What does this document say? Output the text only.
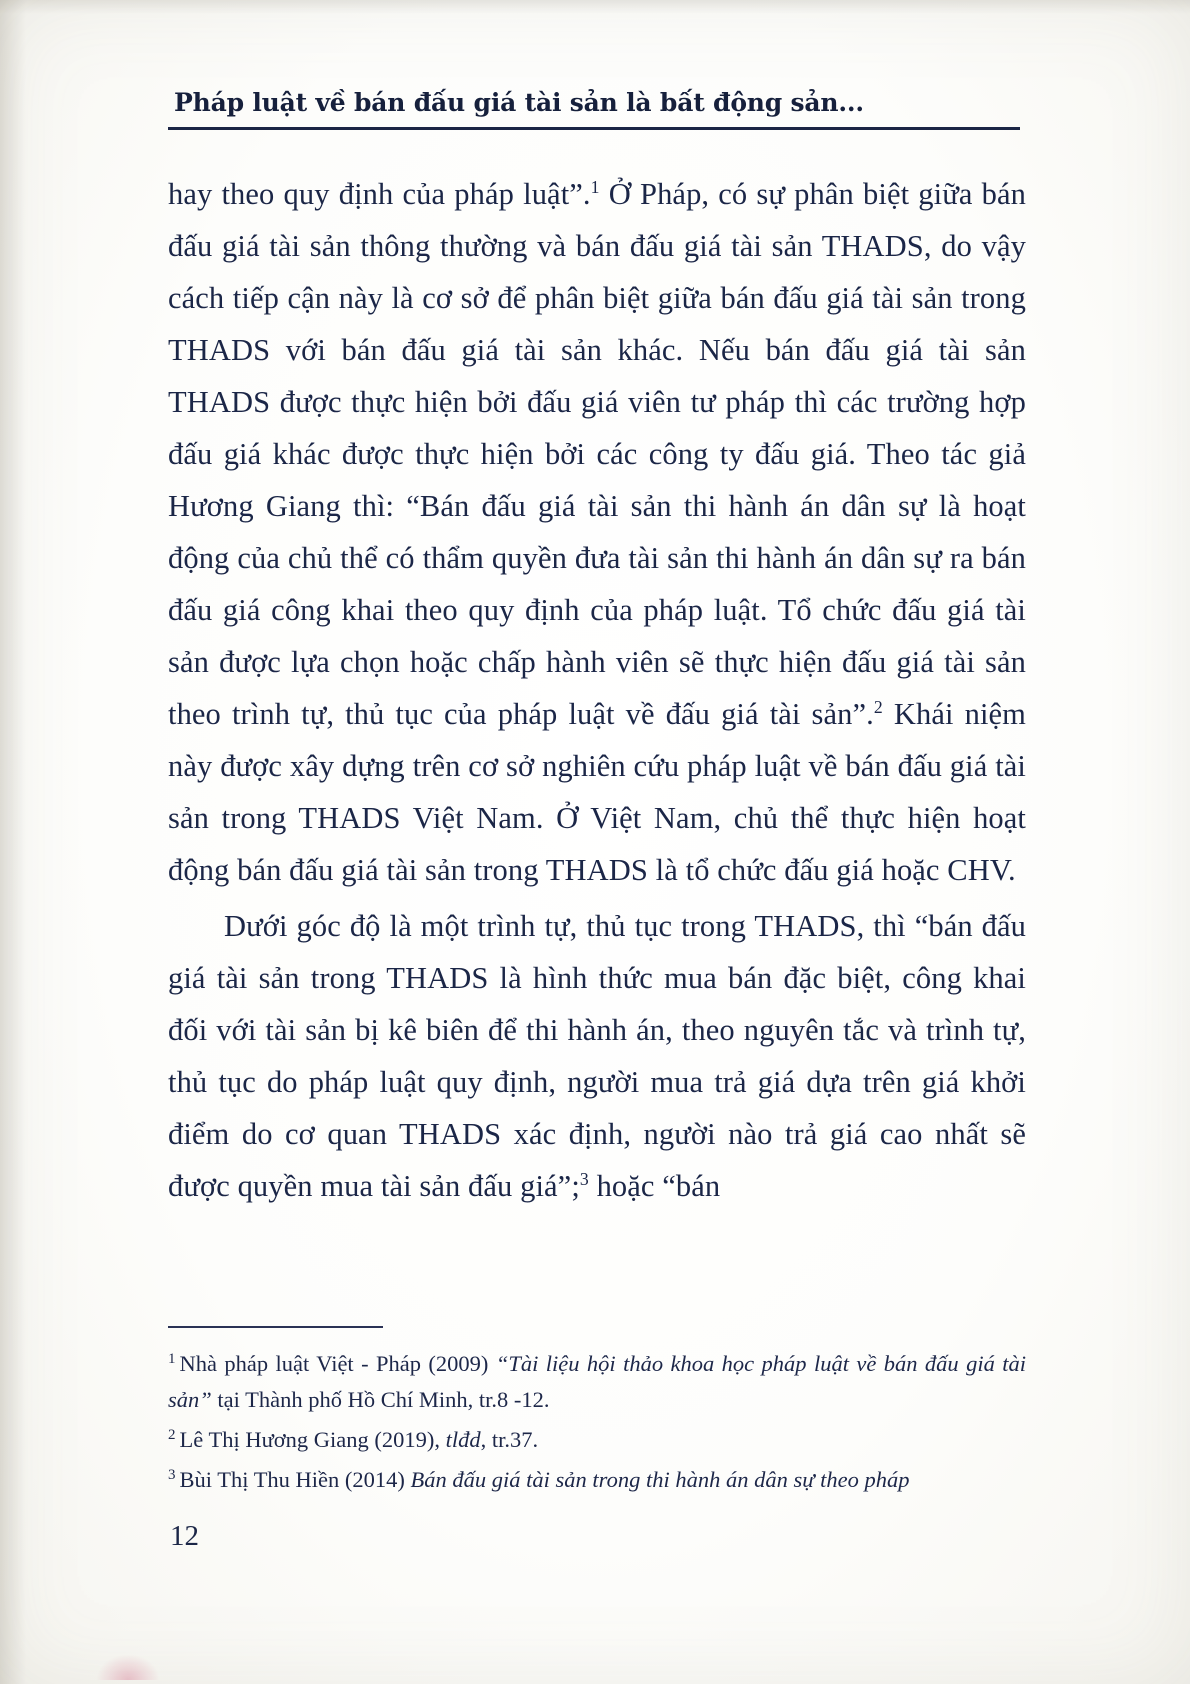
Pháp luật về bán đấu giá tài sản là bất động sản...

hay theo quy định của pháp luật”.$^1$ Ở Pháp, có sự phân biệt giữa bán đấu giá tài sản thông thường và bán đấu giá tài sản THADS, do vậy cách tiếp cận này là cơ sở để phân biệt giữa bán đấu giá tài sản trong THADS với bán đấu giá tài sản khác. Nếu bán đấu giá tài sản THADS được thực hiện bởi đấu giá viên tư pháp thì các trường hợp đấu giá khác được thực hiện bởi các công ty đấu giá. Theo tác giả Hương Giang thì: “Bán đấu giá tài sản thi hành án dân sự là hoạt động của chủ thể có thẩm quyền đưa tài sản thi hành án dân sự ra bán đấu giá công khai theo quy định của pháp luật. Tổ chức đấu giá tài sản được lựa chọn hoặc chấp hành viên sẽ thực hiện đấu giá tài sản theo trình tự, thủ tục của pháp luật về đấu giá tài sản”.$^2$ Khái niệm này được xây dựng trên cơ sở nghiên cứu pháp luật về bán đấu giá tài sản trong THADS Việt Nam. Ở Việt Nam, chủ thể thực hiện hoạt động bán đấu giá tài sản trong THADS là tổ chức đấu giá hoặc CHV.

Dưới góc độ là một trình tự, thủ tục trong THADS, thì “bán đấu giá tài sản trong THADS là hình thức mua bán đặc biệt, công khai đối với tài sản bị kê biên để thi hành án, theo nguyên tắc và trình tự, thủ tục do pháp luật quy định, người mua trả giá dựa trên giá khởi điểm do cơ quan THADS xác định, người nào trả giá cao nhất sẽ được quyền mua tài sản đấu giá”;$^3$ hoặc “bán

$^1$ Nhà pháp luật Việt - Pháp (2009) “Tài liệu hội thảo khoa học pháp luật về bán đấu giá tài sản” tại Thành phố Hồ Chí Minh, tr.8 -12.

$^2$ Lê Thị Hương Giang (2019), tlđd, tr.37.

$^3$ Bùi Thị Thu Hiền (2014) Bán đấu giá tài sản trong thi hành án dân sự theo pháp

12
